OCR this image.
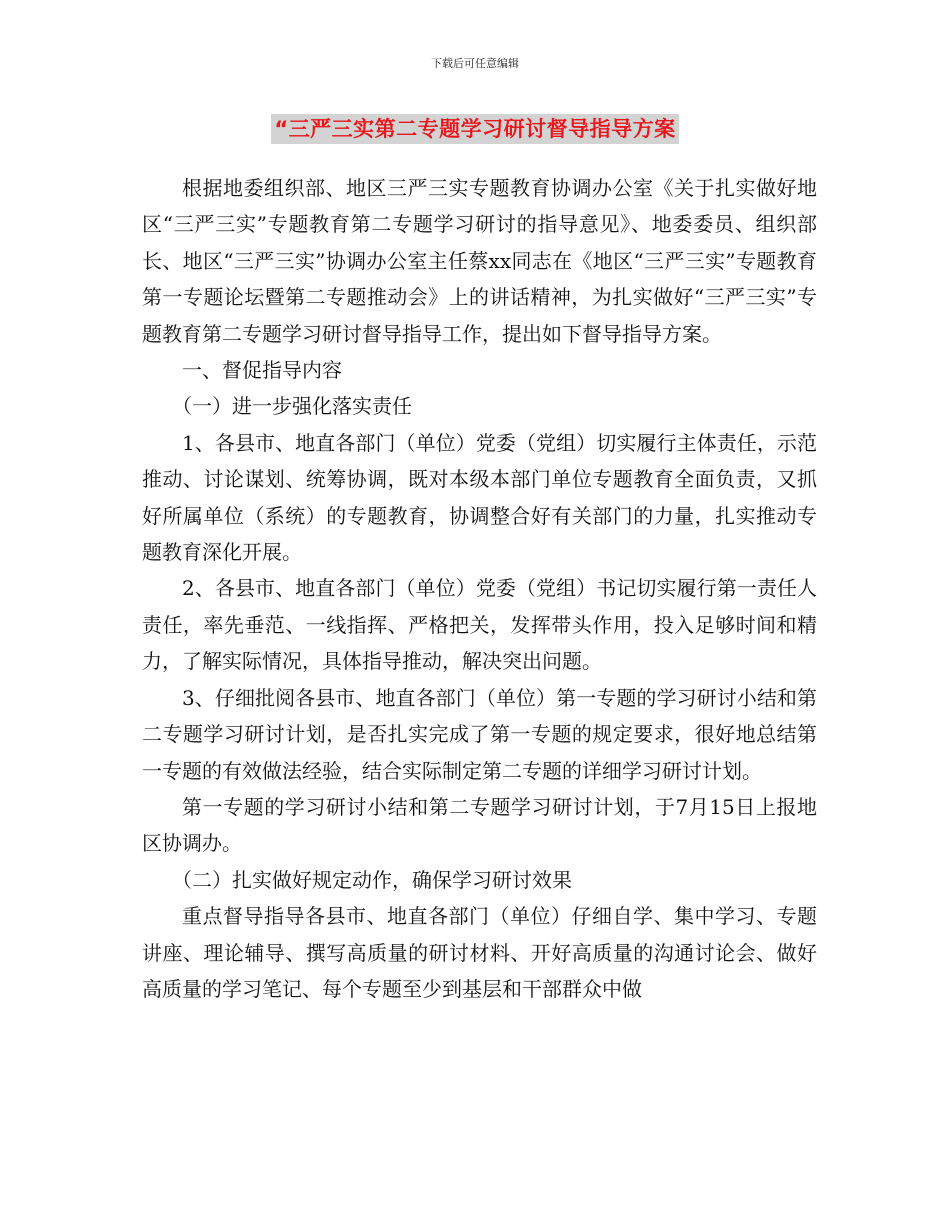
下载后可任意编辑
“三严三实第二专题学习研讨督导指导方案

根据地委组织部、地区三严三实专题教育协调办公室《关于扎实做好地区“三严三实”专题教育第二专题学习研讨的指导意见》、地委委员、组织部长、地区“三严三实”协调办公室主任蔡xx同志在《地区“三严三实”专题教育第一专题论坛暨第二专题推动会》上的讲话精神，为扎实做好“三严三实”专题教育第二专题学习研讨督导指导工作，提出如下督导指导方案。

一、督促指导内容

（一）进一步强化落实责任

1、各县市、地直各部门（单位）党委（党组）切实履行主体责任，示范推动、讨论谋划、统筹协调，既对本级本部门单位专题教育全面负责，又抓好所属单位（系统）的专题教育，协调整合好有关部门的力量，扎实推动专题教育深化开展。

2、各县市、地直各部门（单位）党委（党组）书记切实履行第一责任人责任，率先垂范、一线指挥、严格把关，发挥带头作用，投入足够时间和精力，了解实际情况，具体指导推动，解决突出问题。

3、仔细批阅各县市、地直各部门（单位）第一专题的学习研讨小结和第二专题学习研讨计划，是否扎实完成了第一专题的规定要求，很好地总结第一专题的有效做法经验，结合实际制定第二专题的详细学习研讨计划。

第一专题的学习研讨小结和第二专题学习研讨计划，于7月15日上报地区协调办。

（二）扎实做好规定动作，确保学习研讨效果

重点督导指导各县市、地直各部门（单位）仔细自学、集中学习、专题讲座、理论辅导、撰写高质量的研讨材料、开好高质量的沟通讨论会、做好高质量的学习笔记、每个专题至少到基层和干部群众中做
